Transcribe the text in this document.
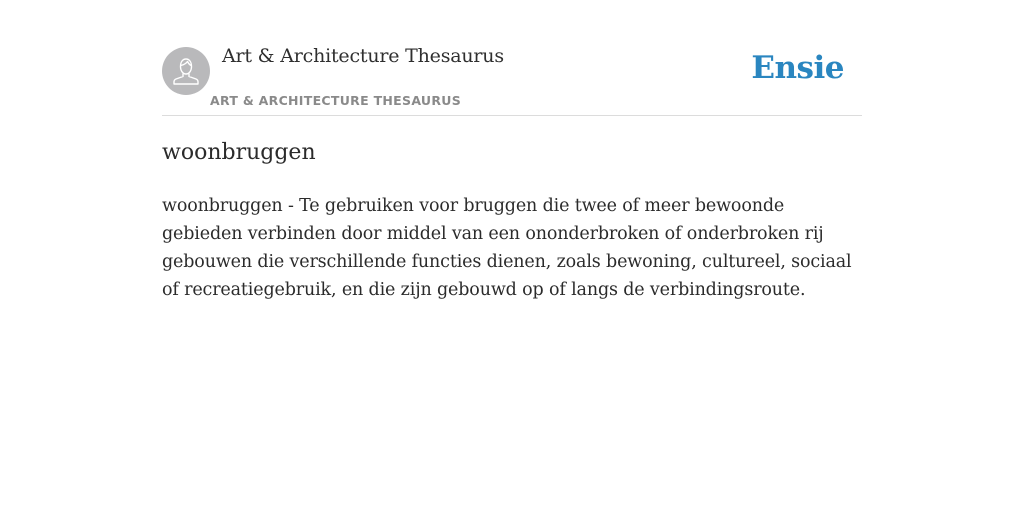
Art & Architecture Thesaurus
ART & ARCHITECTURE THESAURUS
Ensie
woonbruggen

woonbruggen - Te gebruiken voor bruggen die twee of meer bewoonde gebieden verbinden door middel van een ononderbroken of onderbroken rij gebouwen die verschillende functies dienen, zoals bewoning, cultureel, sociaal of recreatiegebruik, en die zijn gebouwd op of langs de verbindingsroute.
